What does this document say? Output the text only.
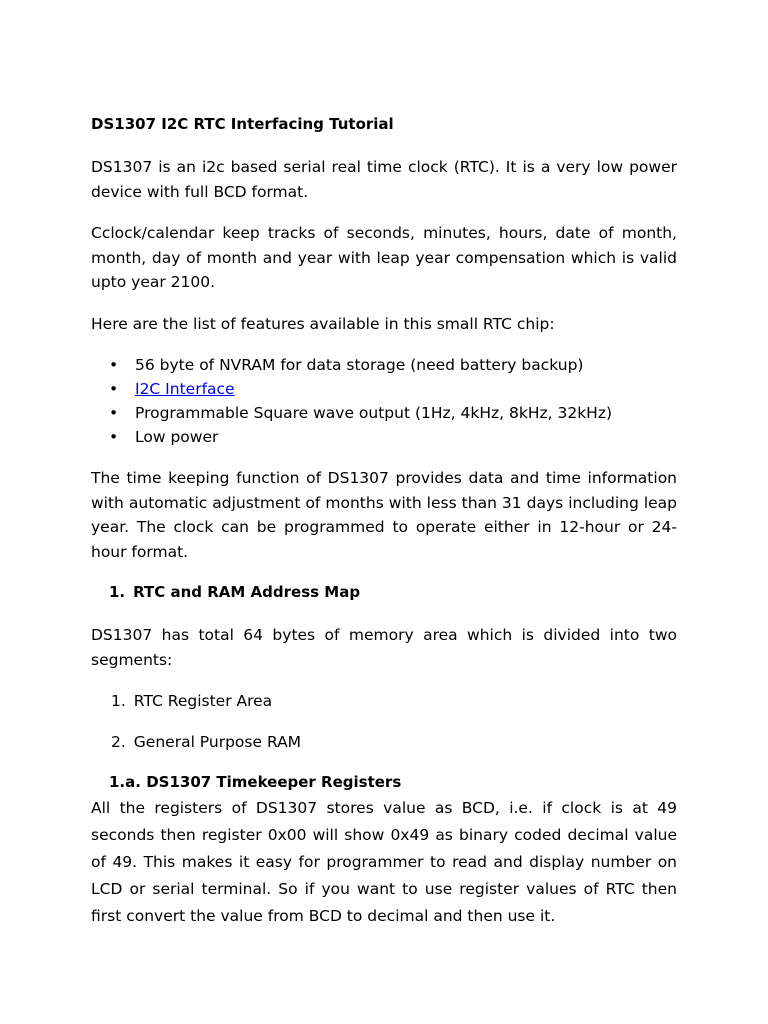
DS1307 I2C RTC Interfacing Tutorial

DS1307 is an i2c based serial real time clock (RTC). It is a very low power device with full BCD format.

Cclock/calendar keep tracks of seconds, minutes, hours, date of month, month, day of month and year with leap year compensation which is valid upto year 2100.

Here are the list of features available in this small RTC chip:

• 56 byte of NVRAM for data storage (need battery backup)
• I2C Interface
• Programmable Square wave output (1Hz, 4kHz, 8kHz, 32kHz)
• Low power

The time keeping function of DS1307 provides data and time information with automatic adjustment of months with less than 31 days including leap year. The clock can be programmed to operate either in 12-hour or 24-hour format.

1. RTC and RAM Address Map

DS1307 has total 64 bytes of memory area which is divided into two segments:

1. RTC Register Area
2. General Purpose RAM
1.a. DS1307 Timekeeper Registers

All the registers of DS1307 stores value as BCD, i.e. if clock is at 49 seconds then register 0x00 will show 0x49 as binary coded decimal value of 49. This makes it easy for programmer to read and display number on LCD or serial terminal. So if you want to use register values of RTC then first convert the value from BCD to decimal and then use it.
